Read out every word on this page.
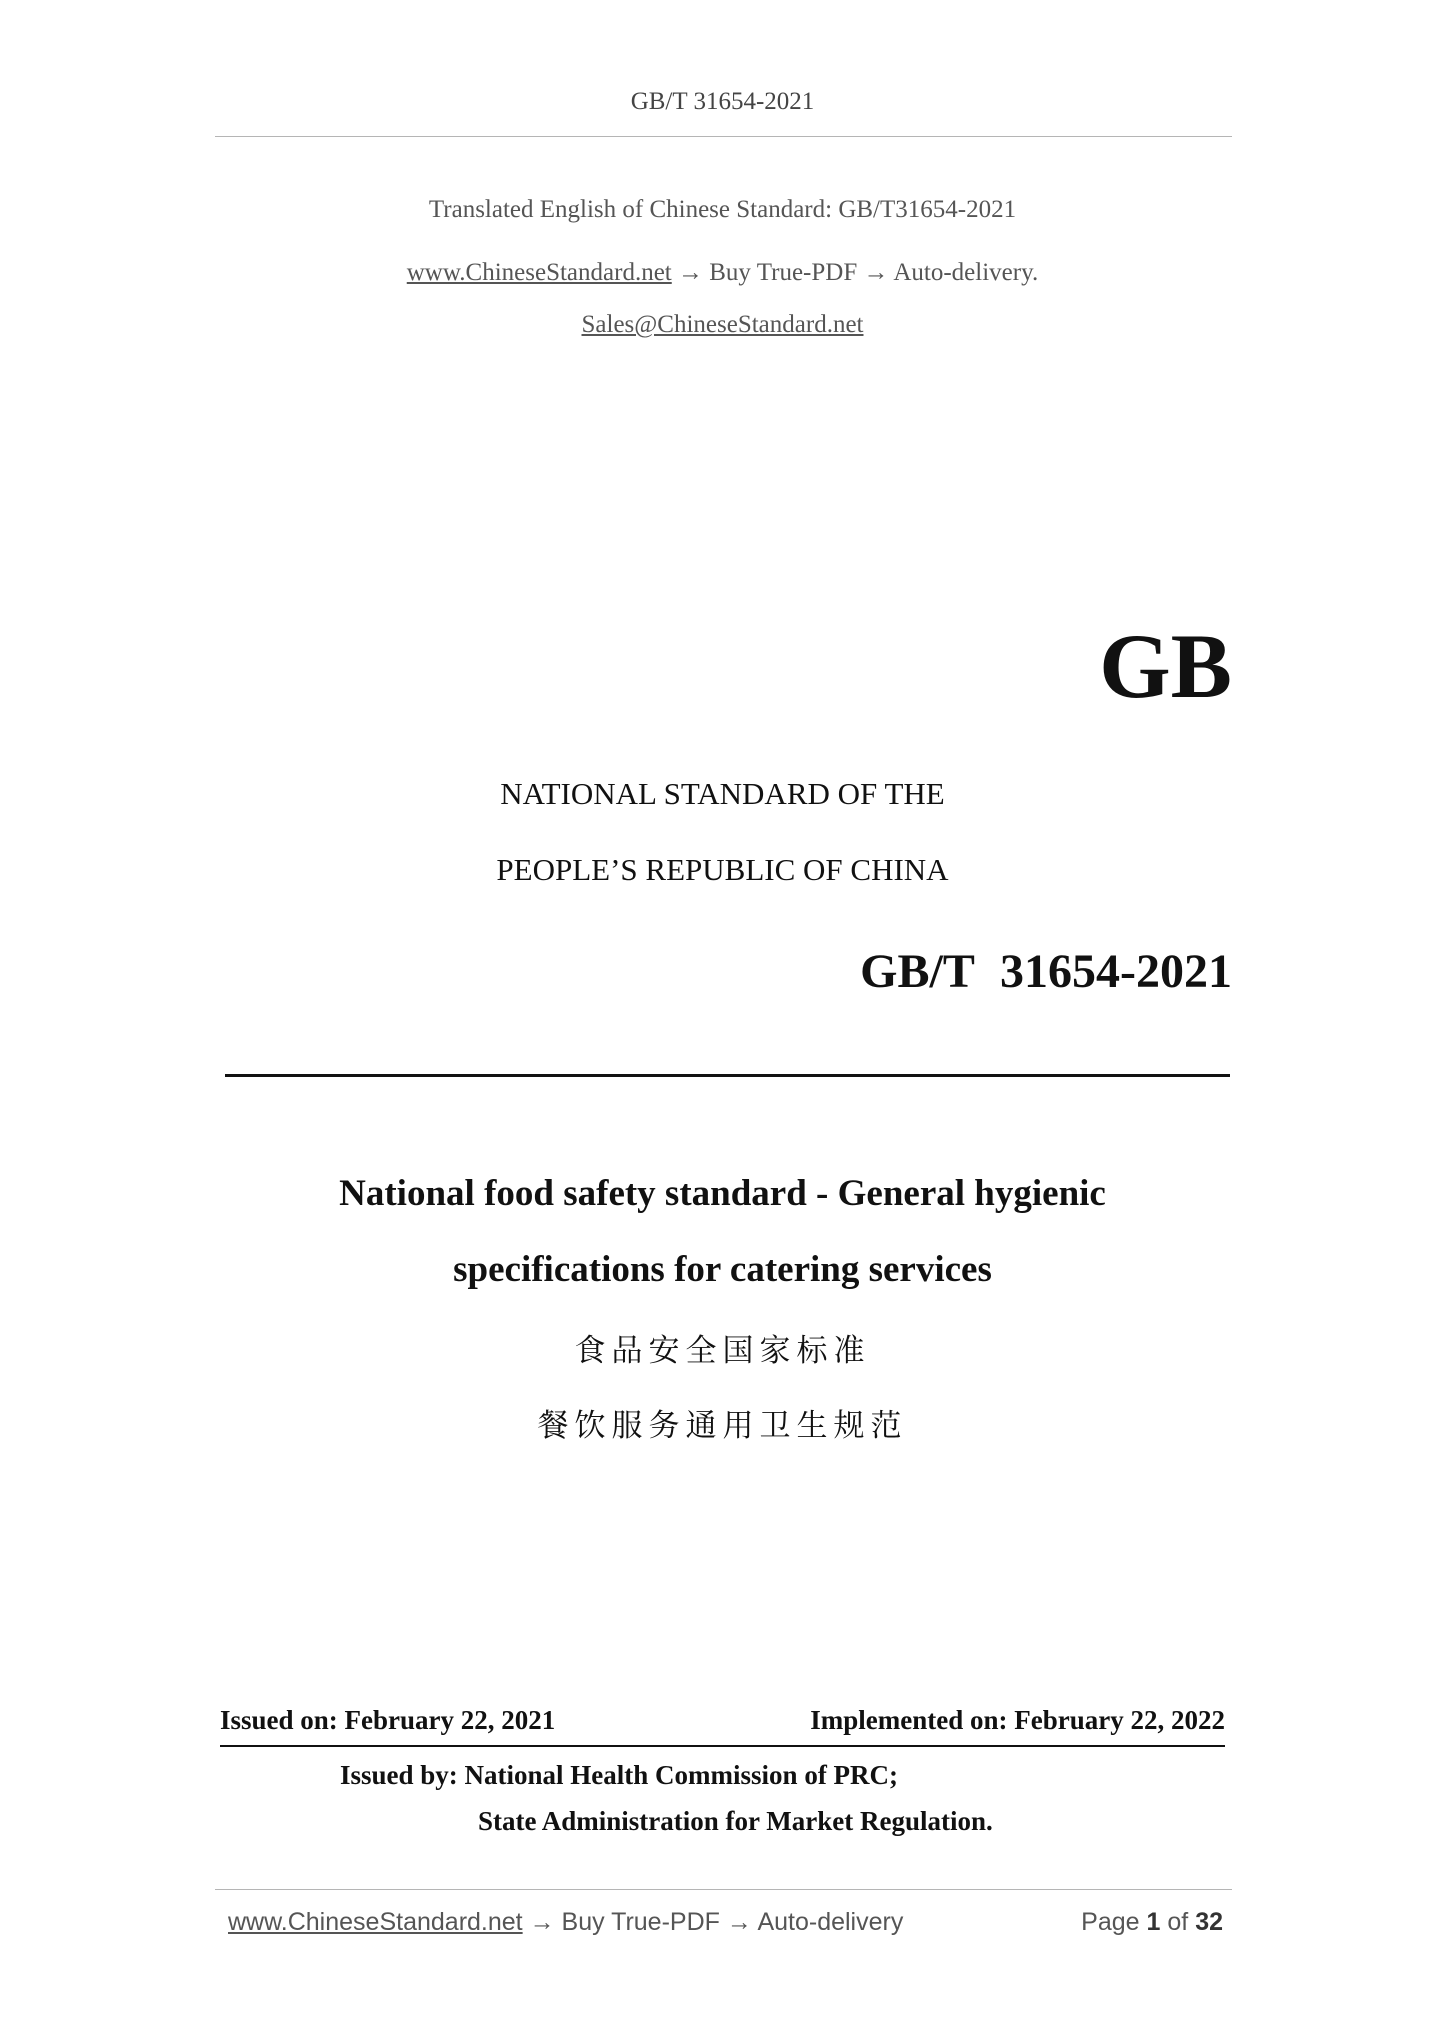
GB/T 31654-2021
Translated English of Chinese Standard: GB/T31654-2021
www.ChineseStandard.net → Buy True-PDF → Auto-delivery.
Sales@ChineseStandard.net
GB
NATIONAL STANDARD OF THE
PEOPLE’S REPUBLIC OF CHINA
GB/T 31654-2021
National food safety standard - General hygienic
specifications for catering services
食品安全国家标准
餐饮服务通用卫生规范
Issued on: February 22, 2021	Implemented on: February 22, 2022
Issued by: National Health Commission of PRC;
State Administration for Market Regulation.
www.ChineseStandard.net → Buy True-PDF → Auto-delivery	Page 1 of 32
